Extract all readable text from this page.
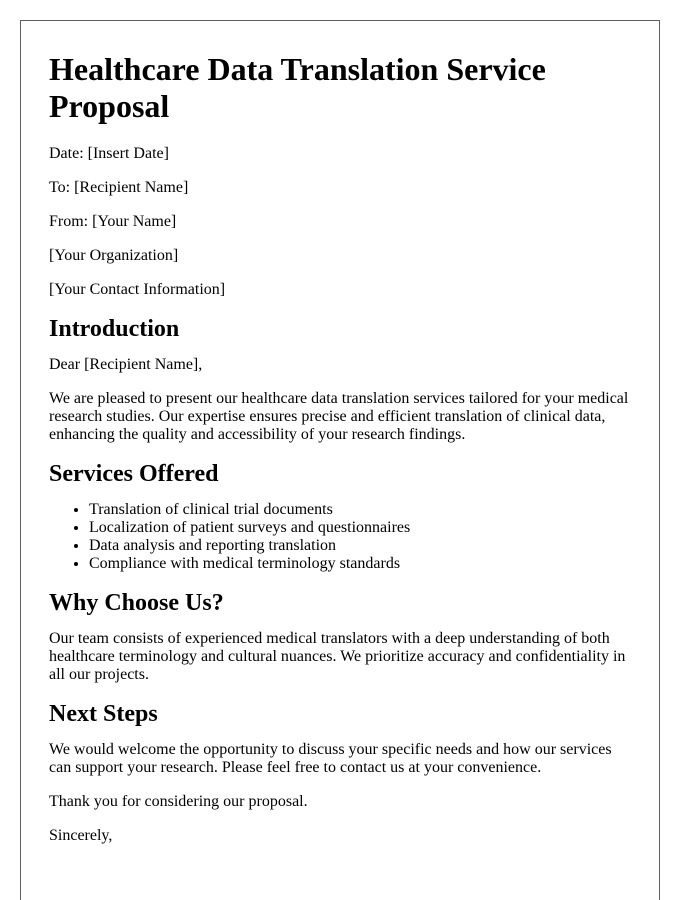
Healthcare Data Translation Service Proposal
Date: [Insert Date]
To: [Recipient Name]
From: [Your Name]
[Your Organization]
[Your Contact Information]
Introduction

Dear [Recipient Name],

We are pleased to present our healthcare data translation services tailored for your medical research studies. Our expertise ensures precise and efficient translation of clinical data, enhancing the quality and accessibility of your research findings.

Services Offered
• Translation of clinical trial documents
• Localization of patient surveys and questionnaires
• Data analysis and reporting translation
• Compliance with medical terminology standards
Why Choose Us?

Our team consists of experienced medical translators with a deep understanding of both healthcare terminology and cultural nuances. We prioritize accuracy and confidentiality in all our projects.

Next Steps

We would welcome the opportunity to discuss your specific needs and how our services can support your research. Please feel free to contact us at your convenience.

Thank you for considering our proposal.

Sincerely,
